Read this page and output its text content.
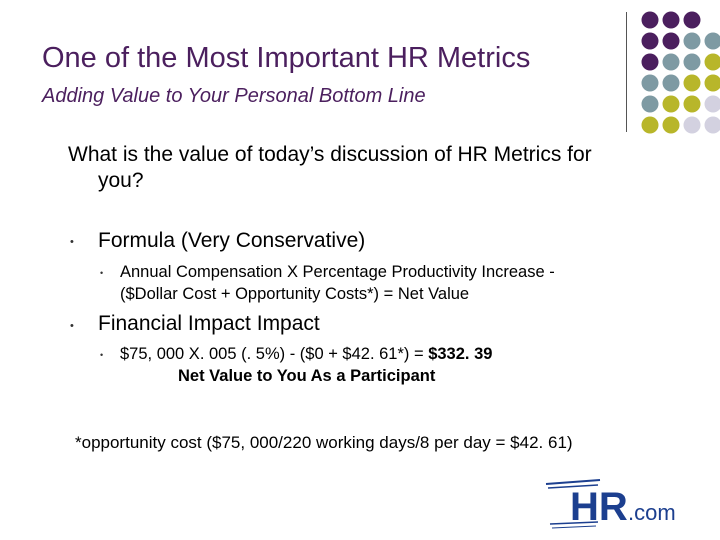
One of the Most Important HR Metrics
Adding Value to Your Personal Bottom Line
What is the value of today’s discussion of HR Metrics for
you?
• Formula (Very Conservative)
• Annual Compensation X Percentage Productivity Increase -
($Dollar Cost + Opportunity Costs*) = Net Value
• Financial Impact Impact
• $75, 000 X. 005 (. 5%) - ($0 + $42. 61*) = $332. 39
Net Value to You As a Participant
*opportunity cost ($75, 000/220 working days/8 per day = $42. 61)
HR .com
